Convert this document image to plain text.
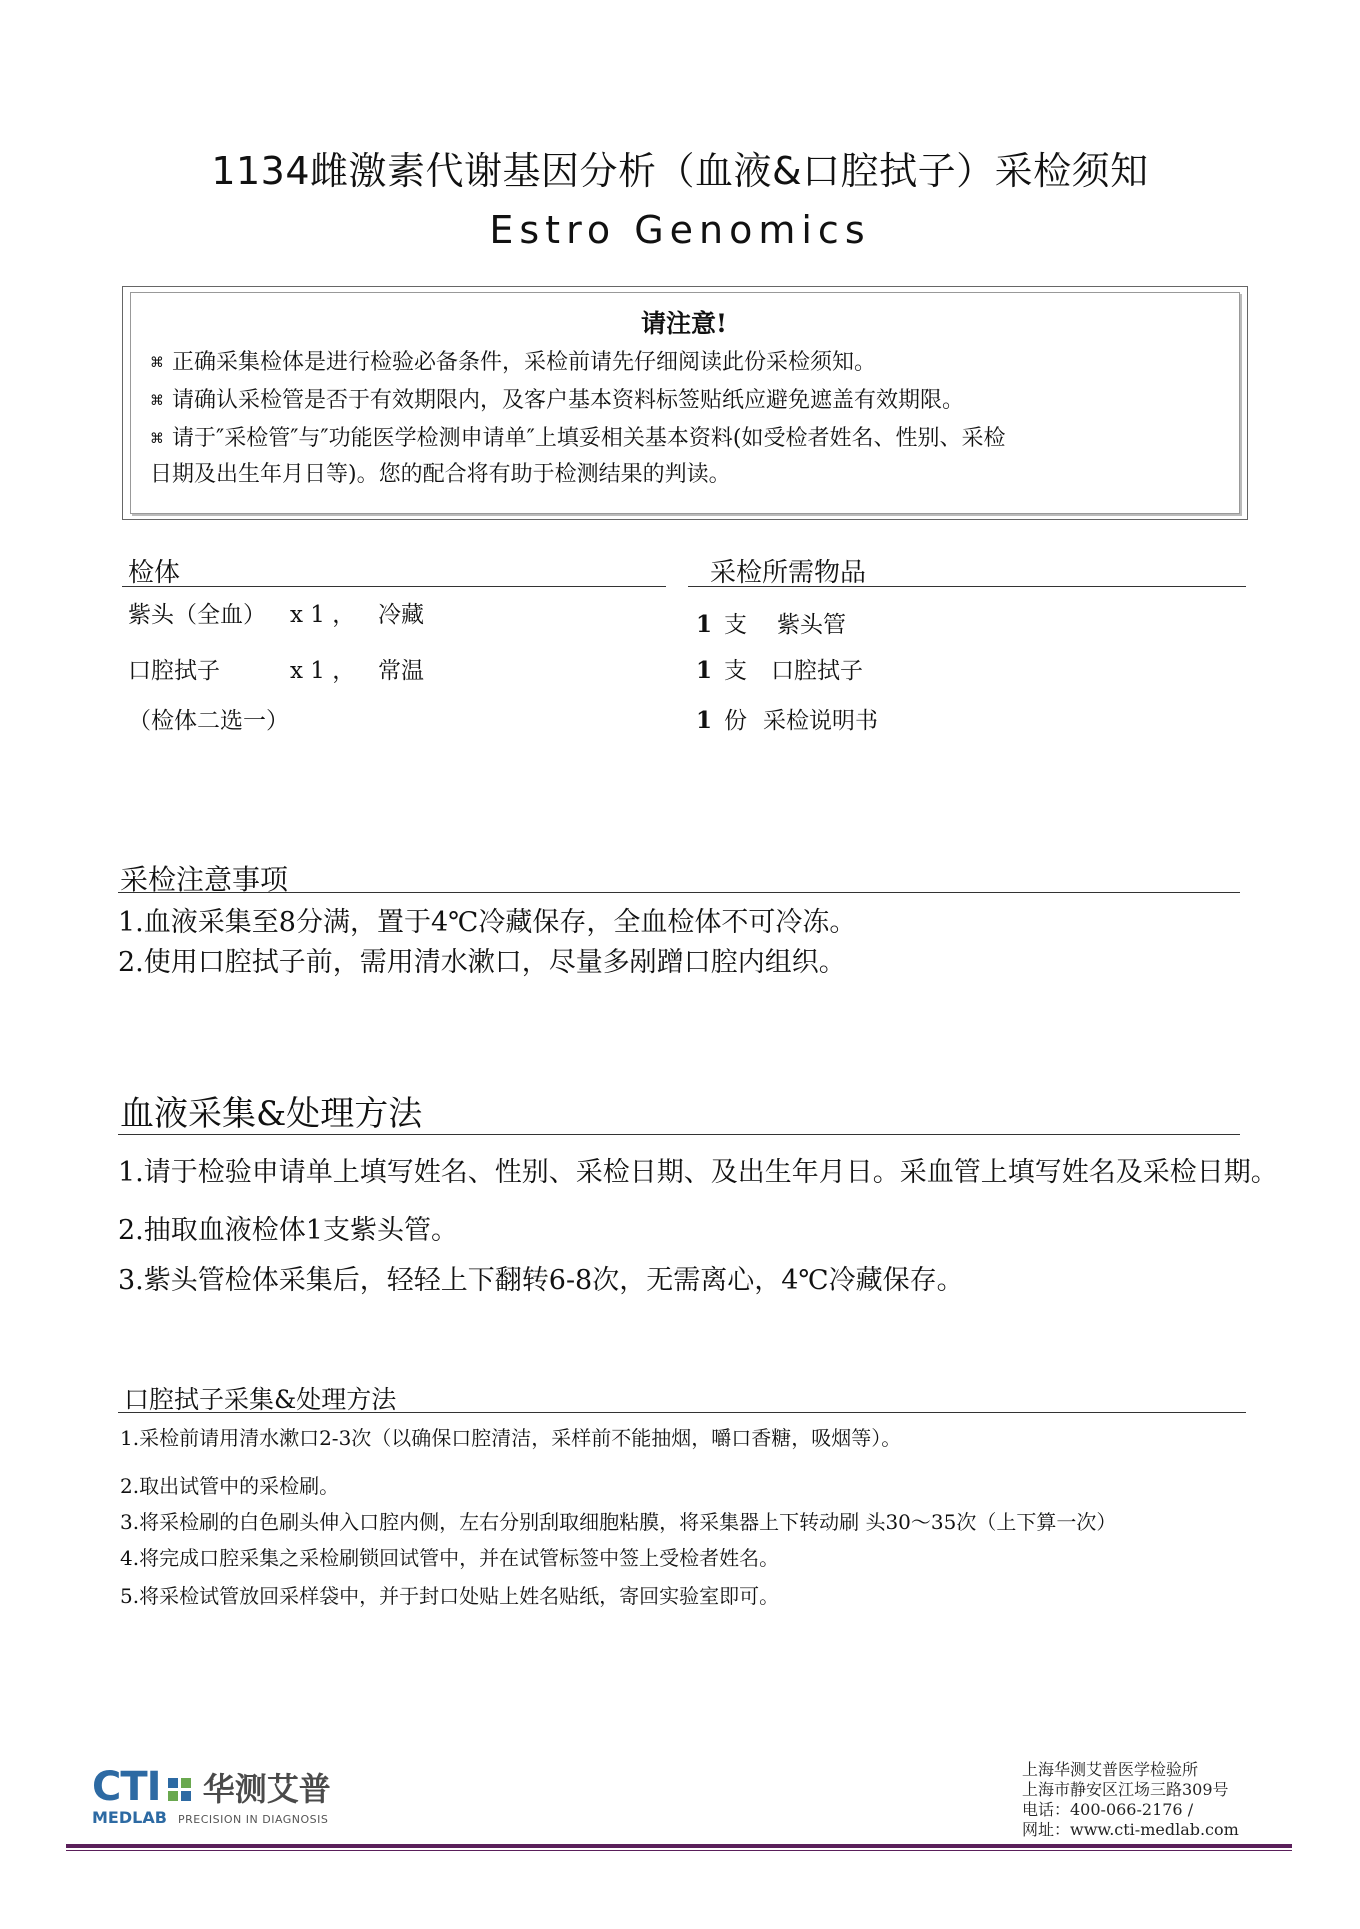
1134雌激素代谢基因分析（血液&口腔拭子）采检须知
Estro Genomics
请注意!
⌘ 正确采集检体是进行检验必备条件，采检前请先仔细阅读此份采检须知。
⌘ 请确认采检管是否于有效期限内，及客户基本资料标签贴纸应避免遮盖有效期限。
⌘ 请于″采检管″与″功能医学检测申请单″上填妥相关基本资料(如受检者姓名、性别、采检
日期及出生年月日等)。您的配合将有助于检测结果的判读。
检体
紫头（全血） x 1 ， 冷藏
口腔拭子	x 1 ， 常温
（检体二选一）
采检所需物品
1 支 紫头管
1 支 口腔拭子
1 份 采检说明书
采检注意事项
1.血液采集至8分满，置于4℃冷藏保存，全血检体不可冷冻。
2.使用口腔拭子前，需用清水漱口，尽量多剐蹭口腔内组织。
血液采集&处理方法
1.请于检验申请单上填写姓名、性别、采检日期、及出生年月日。采血管上填写姓名及采检日期。
2.抽取血液检体1支紫头管。
3.紫头管检体采集后，轻轻上下翻转6-8次，无需离心，4℃冷藏保存。
口腔拭子采集&处理方法
1.采检前请用清水漱口2-3次（以确保口腔清洁，采样前不能抽烟，嚼口香糖，吸烟等）。
2.取出试管中的采检刷。
3.将采检刷的白色刷头伸入口腔内侧，左右分别刮取细胞粘膜，将采集器上下转动刷 头30～35次（上下算一次）
4.将完成口腔采集之采检刷锁回试管中，并在试管标签中签上受检者姓名。
5.将采检试管放回采样袋中，并于封口处贴上姓名贴纸，寄回实验室即可。
CTI 华测艾普
MEDLAB PRECISION IN DIAGNOSIS
上海华测艾普医学检验所
上海市静安区江场三路309号
电话：400-066-2176 /
网址：www.cti-medlab.com
